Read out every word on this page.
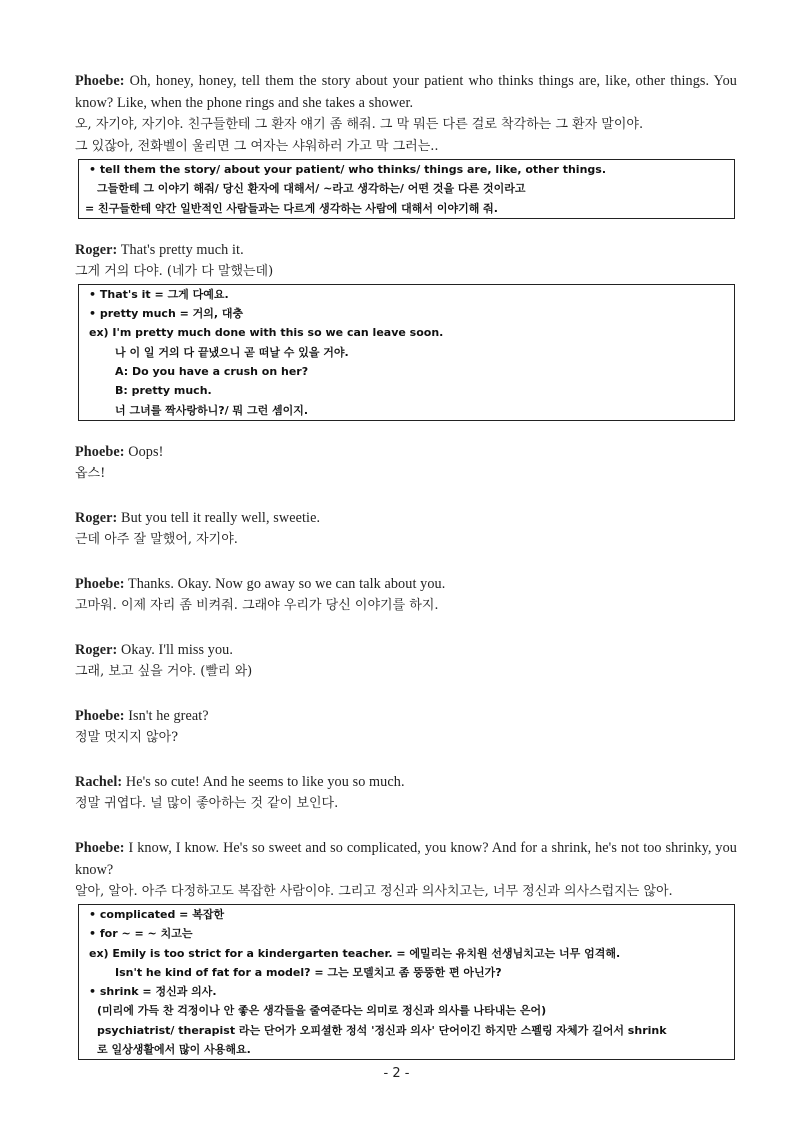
Phoebe: Oh, honey, honey, tell them the story about your patient who thinks things are, like, other things. You know? Like, when the phone rings and she takes a shower.
오, 자기야, 자기야. 친구들한테 그 환자 얘기 좀 해줘. 그 막 뭐든 다른 걸로 착각하는 그 환자 말이야.
그 있잖아, 전화벨이 울리면 그 여자는 샤워하러 가고 막 그러는..
• tell them the story/ about your patient/ who thinks/ things are, like, other things.
그들한테 그 이야기 해줘/ 당신 환자에 대해서/ ~라고 생각하는/ 어떤 것을 다른 것이라고
= 친구들한테 약간 일반적인 사람들과는 다르게 생각하는 사람에 대해서 이야기해 줘.
Roger: That's pretty much it.
그게 거의 다야. (네가 다 말했는데)
• That's it = 그게 다예요.
• pretty much = 거의, 대충
ex) I'm pretty much done with this so we can leave soon.
나 이 일 거의 다 끝냈으니 곧 떠날 수 있을 거야.
A: Do you have a crush on her?
B: pretty much.
너 그녀를 짝사랑하니?/ 뭐 그런 셈이지.
Phoebe: Oops!
옵스!
Roger: But you tell it really well, sweetie.
근데 아주 잘 말했어, 자기야.
Phoebe: Thanks. Okay. Now go away so we can talk about you.
고마워. 이제 자리 좀 비켜줘. 그래야 우리가 당신 이야기를 하지.
Roger: Okay. I'll miss you.
그래, 보고 싶을 거야. (빨리 와)
Phoebe: Isn't he great?
정말 멋지지 않아?
Rachel: He's so cute! And he seems to like you so much.
정말 귀엽다. 널 많이 좋아하는 것 같이 보인다.
Phoebe: I know, I know. He's so sweet and so complicated, you know? And for a shrink, he's not too shrinky, you know?
알아, 알아. 아주 다정하고도 복잡한 사람이야. 그리고 정신과 의사치고는, 너무 정신과 의사스럽지는 않아.
• complicated = 복잡한
• for ~ = ~ 치고는
ex) Emily is too strict for a kindergarten teacher. = 에밀리는 유치원 선생님치고는 너무 엄격해.
Isn't he kind of fat for a model? = 그는 모델치고 좀 뚱뚱한 편 아닌가?
• shrink = 정신과 의사.
(미리에 가득 찬 걱정이나 안 좋은 생각들을 줄여준다는 의미로 정신과 의사를 나타내는 은어)
psychiatrist/ therapist 라는 단어가 오피셜한 정석 '정신과 의사' 단어이긴 하지만 스펠링 자체가 길어서 shrink
로 일상생활에서 많이 사용해요.
- 2 -
